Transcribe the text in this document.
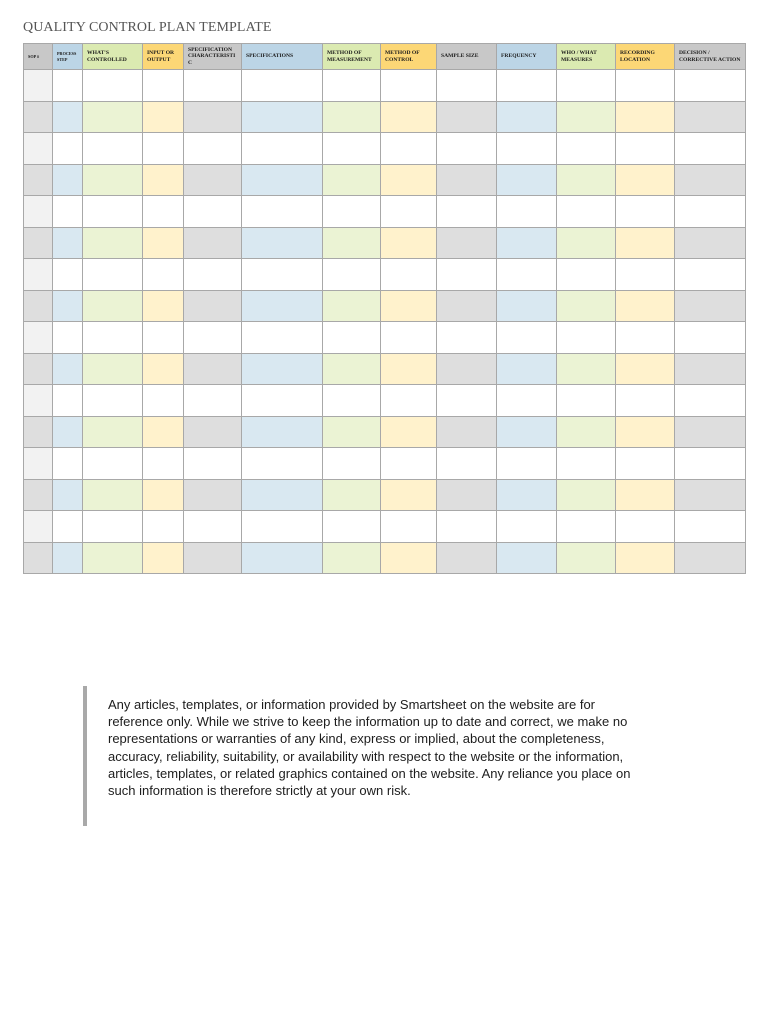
QUALITY CONTROL PLAN TEMPLATE
SOP #	PROCESS STEP	WHAT'S CONTROLLED	INPUT OR OUTPUT	SPECIFICATION CHARACTERISTIC	SPECIFICATIONS	METHOD OF MEASUREMENT	METHOD OF CONTROL	SAMPLE SIZE	FREQUENCY	WHO / WHAT MEASURES	RECORDING LOCATION	DECISION / CORRECTIVE ACTION

Any articles, templates, or information provided by Smartsheet on the website are for reference only. While we strive to keep the information up to date and correct, we make no representations or warranties of any kind, express or implied, about the completeness, accuracy, reliability, suitability, or availability with respect to the website or the information, articles, templates, or related graphics contained on the website. Any reliance you place on such information is therefore strictly at your own risk.
